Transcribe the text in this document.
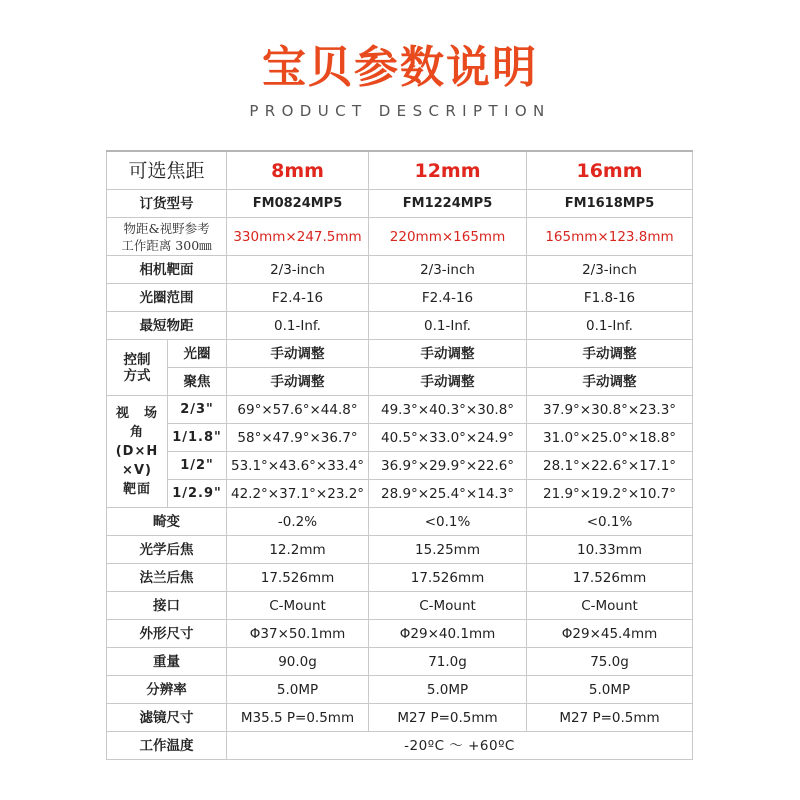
宝贝参数说明
PRODUCT DESCRIPTION
可选焦距		8mm	12mm	16mm
订货型号		FM0824MP5	FM1224MP5	FM1618MP5

物距&视野参考
工作距离 300㎜		330mm×247.5mm	220mm×165mm	165mm×123.8mm
相机靶面		2/3-inch	2/3-inch	2/3-inch
光圈范围		F2.4-16	F2.4-16	F1.8-16
最短物距		0.1-Inf.	0.1-Inf.	0.1-Inf.

控制
方式	光圈	手动调整	手动调整	手动调整
	聚焦	手动调整	手动调整	手动调整

视　场
角
(D×H
×V)
靶面	2/3"	69°×57.6°×44.8°	49.3°×40.3°×30.8°	37.9°×30.8°×23.3°
	1/1.8"	58°×47.9°×36.7°	40.5°×33.0°×24.9°	31.0°×25.0°×18.8°
	1/2"	53.1°×43.6°×33.4°	36.9°×29.9°×22.6°	28.1°×22.6°×17.1°
	1/2.9"	42.2°×37.1°×23.2°	28.9°×25.4°×14.3°	21.9°×19.2°×10.7°
畸变		-0.2%	<0.1%	<0.1%
光学后焦		12.2mm	15.25mm	10.33mm
法兰后焦		17.526mm	17.526mm	17.526mm
接口		C-Mount	C-Mount	C-Mount
外形尺寸		Φ37×50.1mm	Φ29×40.1mm	Φ29×45.4mm
重量		90.0g	71.0g	75.0g
分辨率		5.0MP	5.0MP	5.0MP
滤镜尺寸		M35.5 P=0.5mm	M27 P=0.5mm	M27 P=0.5mm
工作温度		-20ºC ～ +60ºC		
